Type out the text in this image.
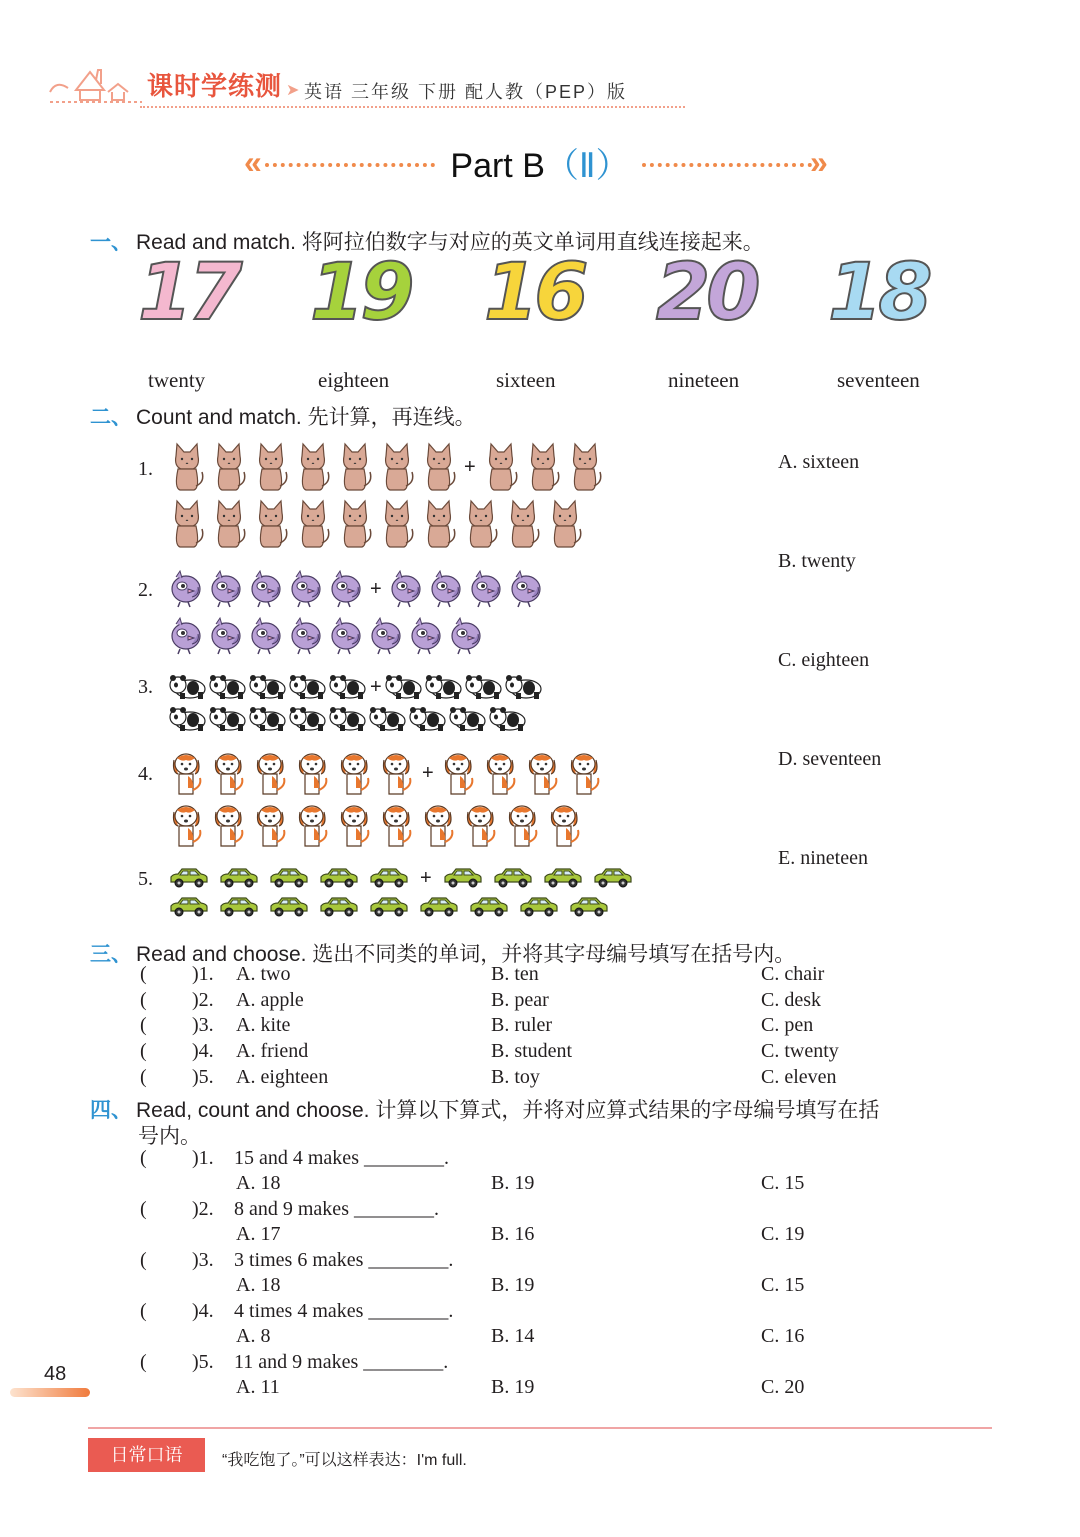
课时学练测 ➤ 英语 三年级 下册 配人教（PEP）版
«	Part B（Ⅱ）	»
一、 Read and match. 将阿拉伯数字与对应的英文单词用直线连接起来。
17 19 16 20 18
twenty	eighteen	sixteen	nineteen	seventeen
二、 Count and match. 先计算，再连线。
1.	+
2.	+
3.	+
4.	+
5.	+
A. sixteen
B. twenty
C. eighteen
D. seventeen
E. nineteen
三、 Read and choose. 选出不同类的单词，并将其字母编号填写在括号内。
( )1. A. two	B. ten	C. chair
( )2. A. apple	B. pear	C. desk
( )3. A. kite	B. ruler	C. pen
( )4. A. friend	B. student	C. twenty
( )5. A. eighteen	B. toy	C. eleven
四、 Read, count and choose. 计算以下算式，并将对应算式结果的字母编号填写在括
号内。
( )1. 15 and 4 makes ________.
A. 18	B. 19	C. 15
( )2. 8 and 9 makes ________.
A. 17	B. 16	C. 19
( )3. 3 times 6 makes ________.
A. 18	B. 19	C. 15
( )4. 4 times 4 makes ________.
A. 8	B. 14	C. 16
( )5. 11 and 9 makes ________.
A. 11	B. 19	C. 20
48
日常口语	“我吃饱了。”可以这样表达：I'm full.
